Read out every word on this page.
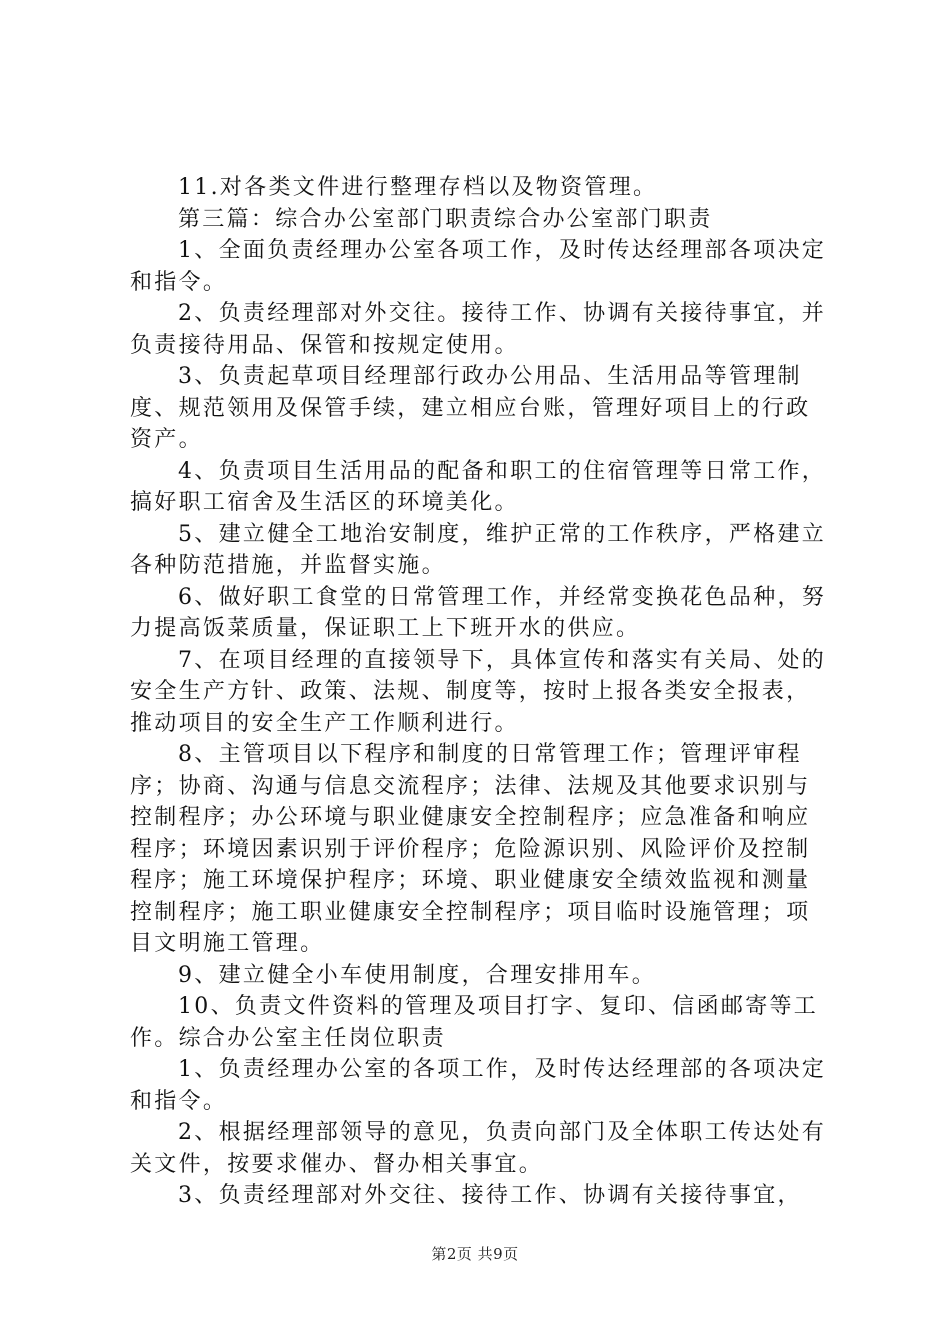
11.对各类文件进行整理存档以及物资管理。

第三篇：综合办公室部门职责综合办公室部门职责

1、全面负责经理办公室各项工作，及时传达经理部各项决定和指令。

2、负责经理部对外交往。接待工作、协调有关接待事宜，并负责接待用品、保管和按规定使用。

3、负责起草项目经理部行政办公用品、生活用品等管理制度、规范领用及保管手续，建立相应台账，管理好项目上的行政资产。

4、负责项目生活用品的配备和职工的住宿管理等日常工作，搞好职工宿舍及生活区的环境美化。

5、建立健全工地治安制度，维护正常的工作秩序，严格建立各种防范措施，并监督实施。

6、做好职工食堂的日常管理工作，并经常变换花色品种，努力提高饭菜质量，保证职工上下班开水的供应。

7、在项目经理的直接领导下，具体宣传和落实有关局、处的安全生产方针、政策、法规、制度等，按时上报各类安全报表，推动项目的安全生产工作顺利进行。

8、主管项目以下程序和制度的日常管理工作；管理评审程序；协商、沟通与信息交流程序；法律、法规及其他要求识别与控制程序；办公环境与职业健康安全控制程序；应急准备和响应程序；环境因素识别于评价程序；危险源识别、风险评价及控制程序；施工环境保护程序；环境、职业健康安全绩效监视和测量控制程序；施工职业健康安全控制程序；项目临时设施管理；项目文明施工管理。

9、建立健全小车使用制度，合理安排用车。

10、负责文件资料的管理及项目打字、复印、信函邮寄等工作。综合办公室主任岗位职责

1、负责经理办公室的各项工作，及时传达经理部的各项决定和指令。

2、根据经理部领导的意见，负责向部门及全体职工传达处有关文件，按要求催办、督办相关事宜。

3、负责经理部对外交往、接待工作、协调有关接待事宜，

第2页 共9页
